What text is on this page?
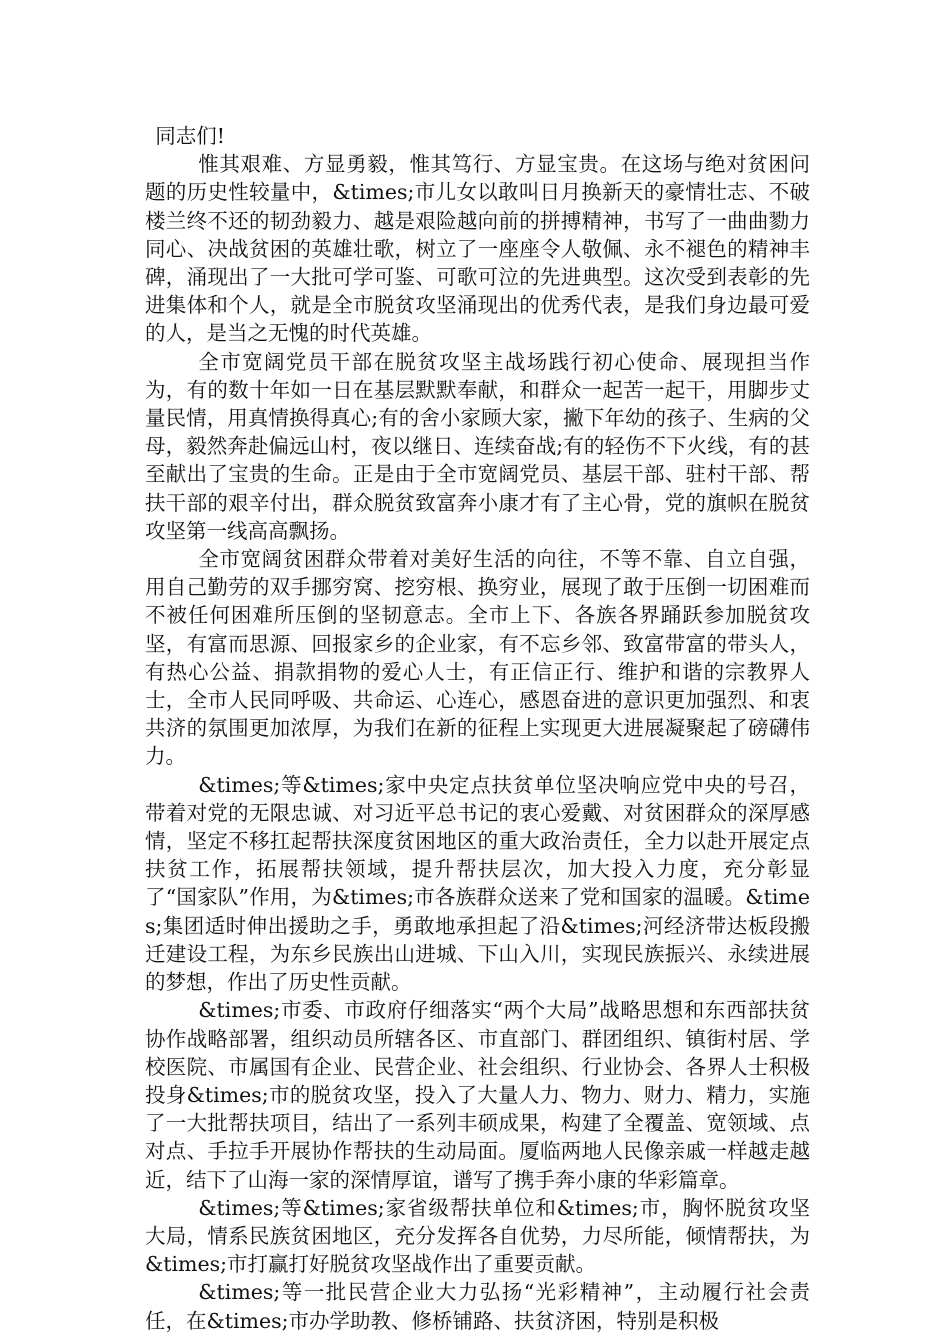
同志们!

惟其艰难、方显勇毅，惟其笃行、方显宝贵。在这场与绝对贫困问题的历史性较量中，&times;市儿女以敢叫日月换新天的豪情壮志、不破楼兰终不还的韧劲毅力、越是艰险越向前的拼搏精神，书写了一曲曲勠力同心、决战贫困的英雄壮歌，树立了一座座令人敬佩、永不褪色的精神丰碑，涌现出了一大批可学可鉴、可歌可泣的先进典型。这次受到表彰的先进集体和个人，就是全市脱贫攻坚涌现出的优秀代表，是我们身边最可爱的人，是当之无愧的时代英雄。

全市宽阔党员干部在脱贫攻坚主战场践行初心使命、展现担当作为，有的数十年如一日在基层默默奉献，和群众一起苦一起干，用脚步丈量民情，用真情换得真心;有的舍小家顾大家，撇下年幼的孩子、生病的父母，毅然奔赴偏远山村，夜以继日、连续奋战;有的轻伤不下火线，有的甚至献出了宝贵的生命。正是由于全市宽阔党员、基层干部、驻村干部、帮扶干部的艰辛付出，群众脱贫致富奔小康才有了主心骨，党的旗帜在脱贫攻坚第一线高高飘扬。

全市宽阔贫困群众带着对美好生活的向往，不等不靠、自立自强，用自己勤劳的双手挪穷窝、挖穷根、换穷业，展现了敢于压倒一切困难而不被任何困难所压倒的坚韧意志。全市上下、各族各界踊跃参加脱贫攻坚，有富而思源、回报家乡的企业家，有不忘乡邻、致富带富的带头人，有热心公益、捐款捐物的爱心人士，有正信正行、维护和谐的宗教界人士，全市人民同呼吸、共命运、心连心，感恩奋进的意识更加强烈、和衷共济的氛围更加浓厚，为我们在新的征程上实现更大进展凝聚起了磅礴伟力。

&times;等&times;家中央定点扶贫单位坚决响应党中央的号召，带着对党的无限忠诚、对习近平总书记的衷心爱戴、对贫困群众的深厚感情，坚定不移扛起帮扶深度贫困地区的重大政治责任，全力以赴开展定点扶贫工作，拓展帮扶领域，提升帮扶层次，加大投入力度，充分彰显了“国家队”作用，为&times;市各族群众送来了党和国家的温暖。&times;集团适时伸出援助之手，勇敢地承担起了沿&times;河经济带达板段搬迁建设工程，为东乡民族出山进城、下山入川，实现民族振兴、永续进展的梦想，作出了历史性贡献。

&times;市委、市政府仔细落实“两个大局”战略思想和东西部扶贫协作战略部署，组织动员所辖各区、市直部门、群团组织、镇街村居、学校医院、市属国有企业、民营企业、社会组织、行业协会、各界人士积极投身&times;市的脱贫攻坚，投入了大量人力、物力、财力、精力，实施了一大批帮扶项目，结出了一系列丰硕成果，构建了全覆盖、宽领域、点对点、手拉手开展协作帮扶的生动局面。厦临两地人民像亲戚一样越走越近，结下了山海一家的深情厚谊，谱写了携手奔小康的华彩篇章。

&times;等&times;家省级帮扶单位和&times;市，胸怀脱贫攻坚大局，情系民族贫困地区，充分发挥各自优势，力尽所能，倾情帮扶，为&times;市打赢打好脱贫攻坚战作出了重要贡献。

&times;等一批民营企业大力弘扬“光彩精神”，主动履行社会责任，在&times;市办学助教、修桥铺路、扶贫济困，特别是积极
